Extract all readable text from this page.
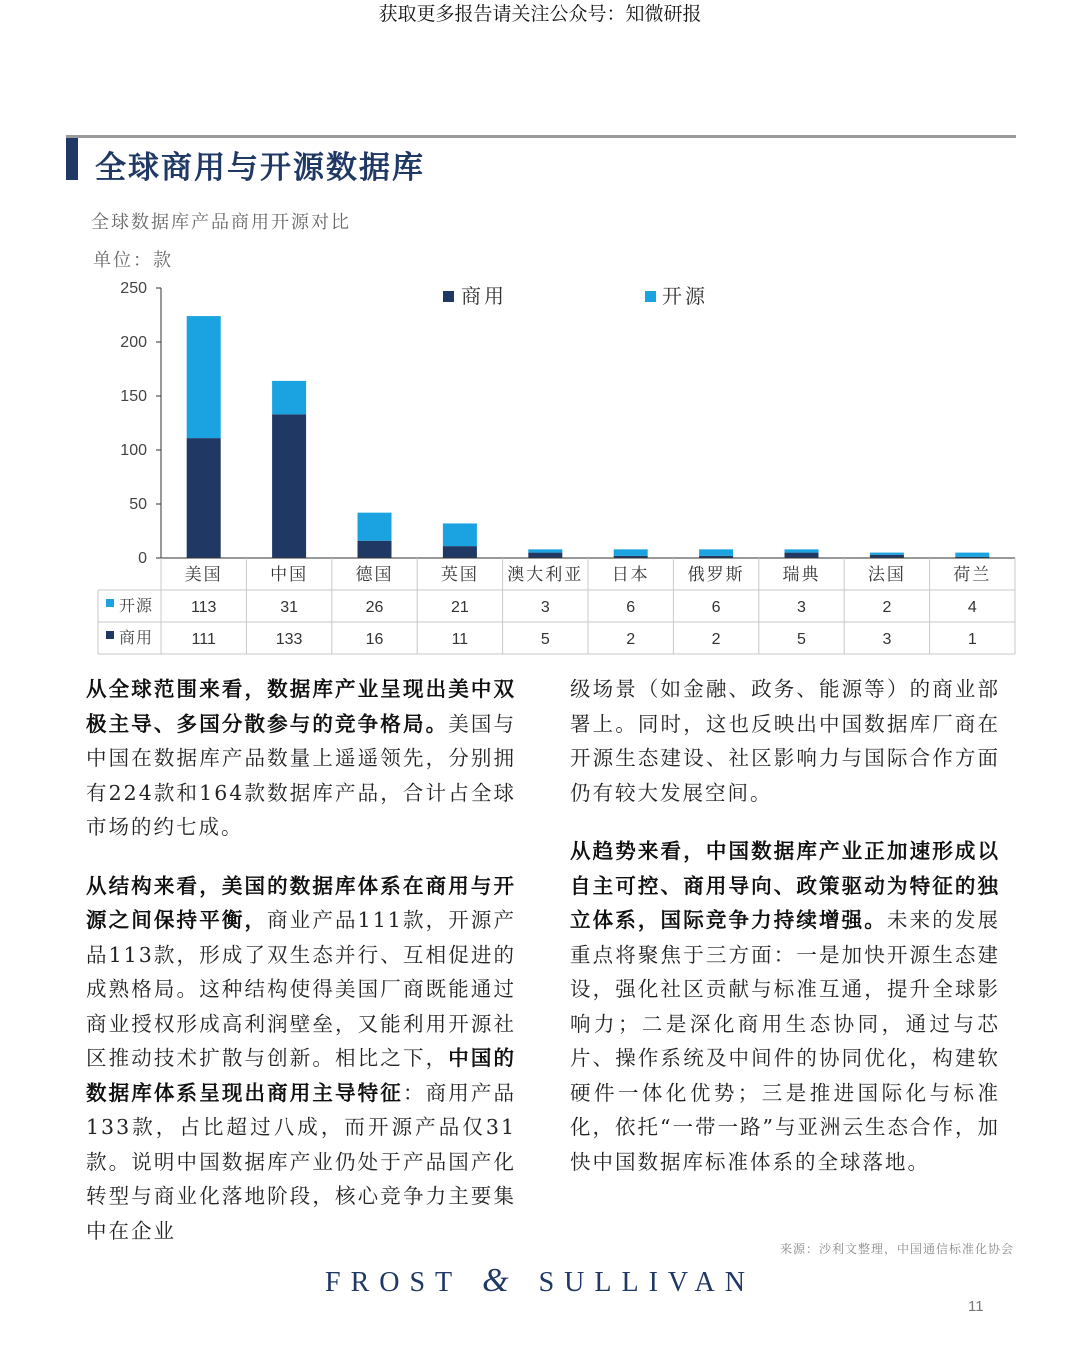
获取更多报告请关注公众号：知微研报
全球商用与开源数据库
全球数据库产品商用开源对比
单位：款
0
50
100
150
200
250	商用	开源
美国	中国	德国	英国 澳大利亚 日本 俄罗斯 瑞典	法国	荷兰
开源 113	31	26	21	3	6	6	3	2	4
商用 111	133	16	11	5	2	2	5	3	1

从全球范围来看，数据库产业呈现出美中双极主导、多国分散参与的竞争格局。美国与中国在数据库产品数量上遥遥领先，分别拥有224款和164款数据库产品，合计占全球市场的约七成。

从结构来看，美国的数据库体系在商用与开源之间保持平衡，商业产品111款，开源产品113款，形成了双生态并行、互相促进的成熟格局。这种结构使得美国厂商既能通过商业授权形成高利润壁垒，又能利用开源社区推动技术扩散与创新。相比之下，中国的数据库体系呈现出商用主导特征：商用产品133款，占比超过八成，而开源产品仅31款。说明中国数据库产业仍处于产品国产化转型与商业化落地阶段，核心竞争力主要集中在企业

级场景（如金融、政务、能源等）的商业部署上。同时，这也反映出中国数据库厂商在开源生态建设、社区影响力与国际合作方面仍有较大发展空间。

从趋势来看，中国数据库产业正加速形成以自主可控、商用导向、政策驱动为特征的独立体系，国际竞争力持续增强。未来的发展重点将聚焦于三方面：一是加快开源生态建设，强化社区贡献与标准互通，提升全球影响力；二是深化商用生态协同，通过与芯片、操作系统及中间件的协同优化，构建软硬件一体化优势；三是推进国际化与标准化，依托“一带一路”与亚洲云生态合作，加快中国数据库标准体系的全球落地。

来源：沙利文整理，中国通信标准化协会
FROST & SULLIVAN
11
